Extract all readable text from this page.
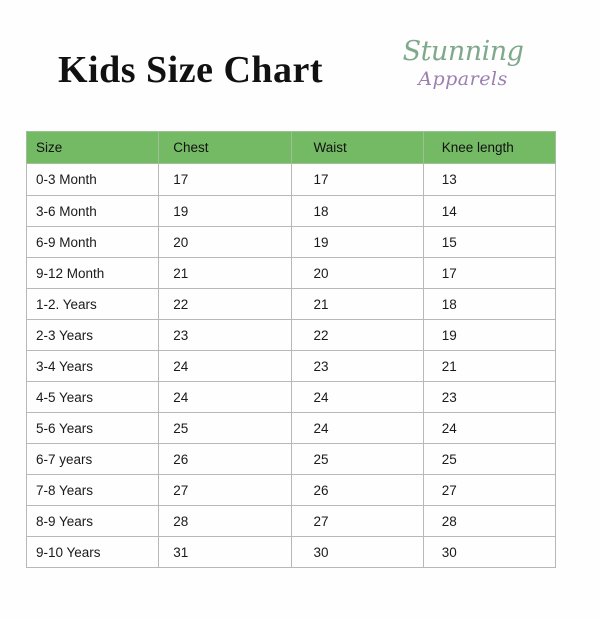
Kids Size Chart	Stunning
Apparels
Size	Chest	Waist	Knee length
0-3 Month	17	17	13
3-6 Month	19	18	14
6-9 Month	20	19	15
9-12 Month	21	20	17
1-2. Years	22	21	18
2-3 Years	23	22	19
3-4 Years	24	23	21
4-5 Years	24	24	23
5-6 Years	25	24	24
6-7 years	26	25	25
7-8 Years	27	26	27
8-9 Years	28	27	28
9-10 Years	31	30	30
